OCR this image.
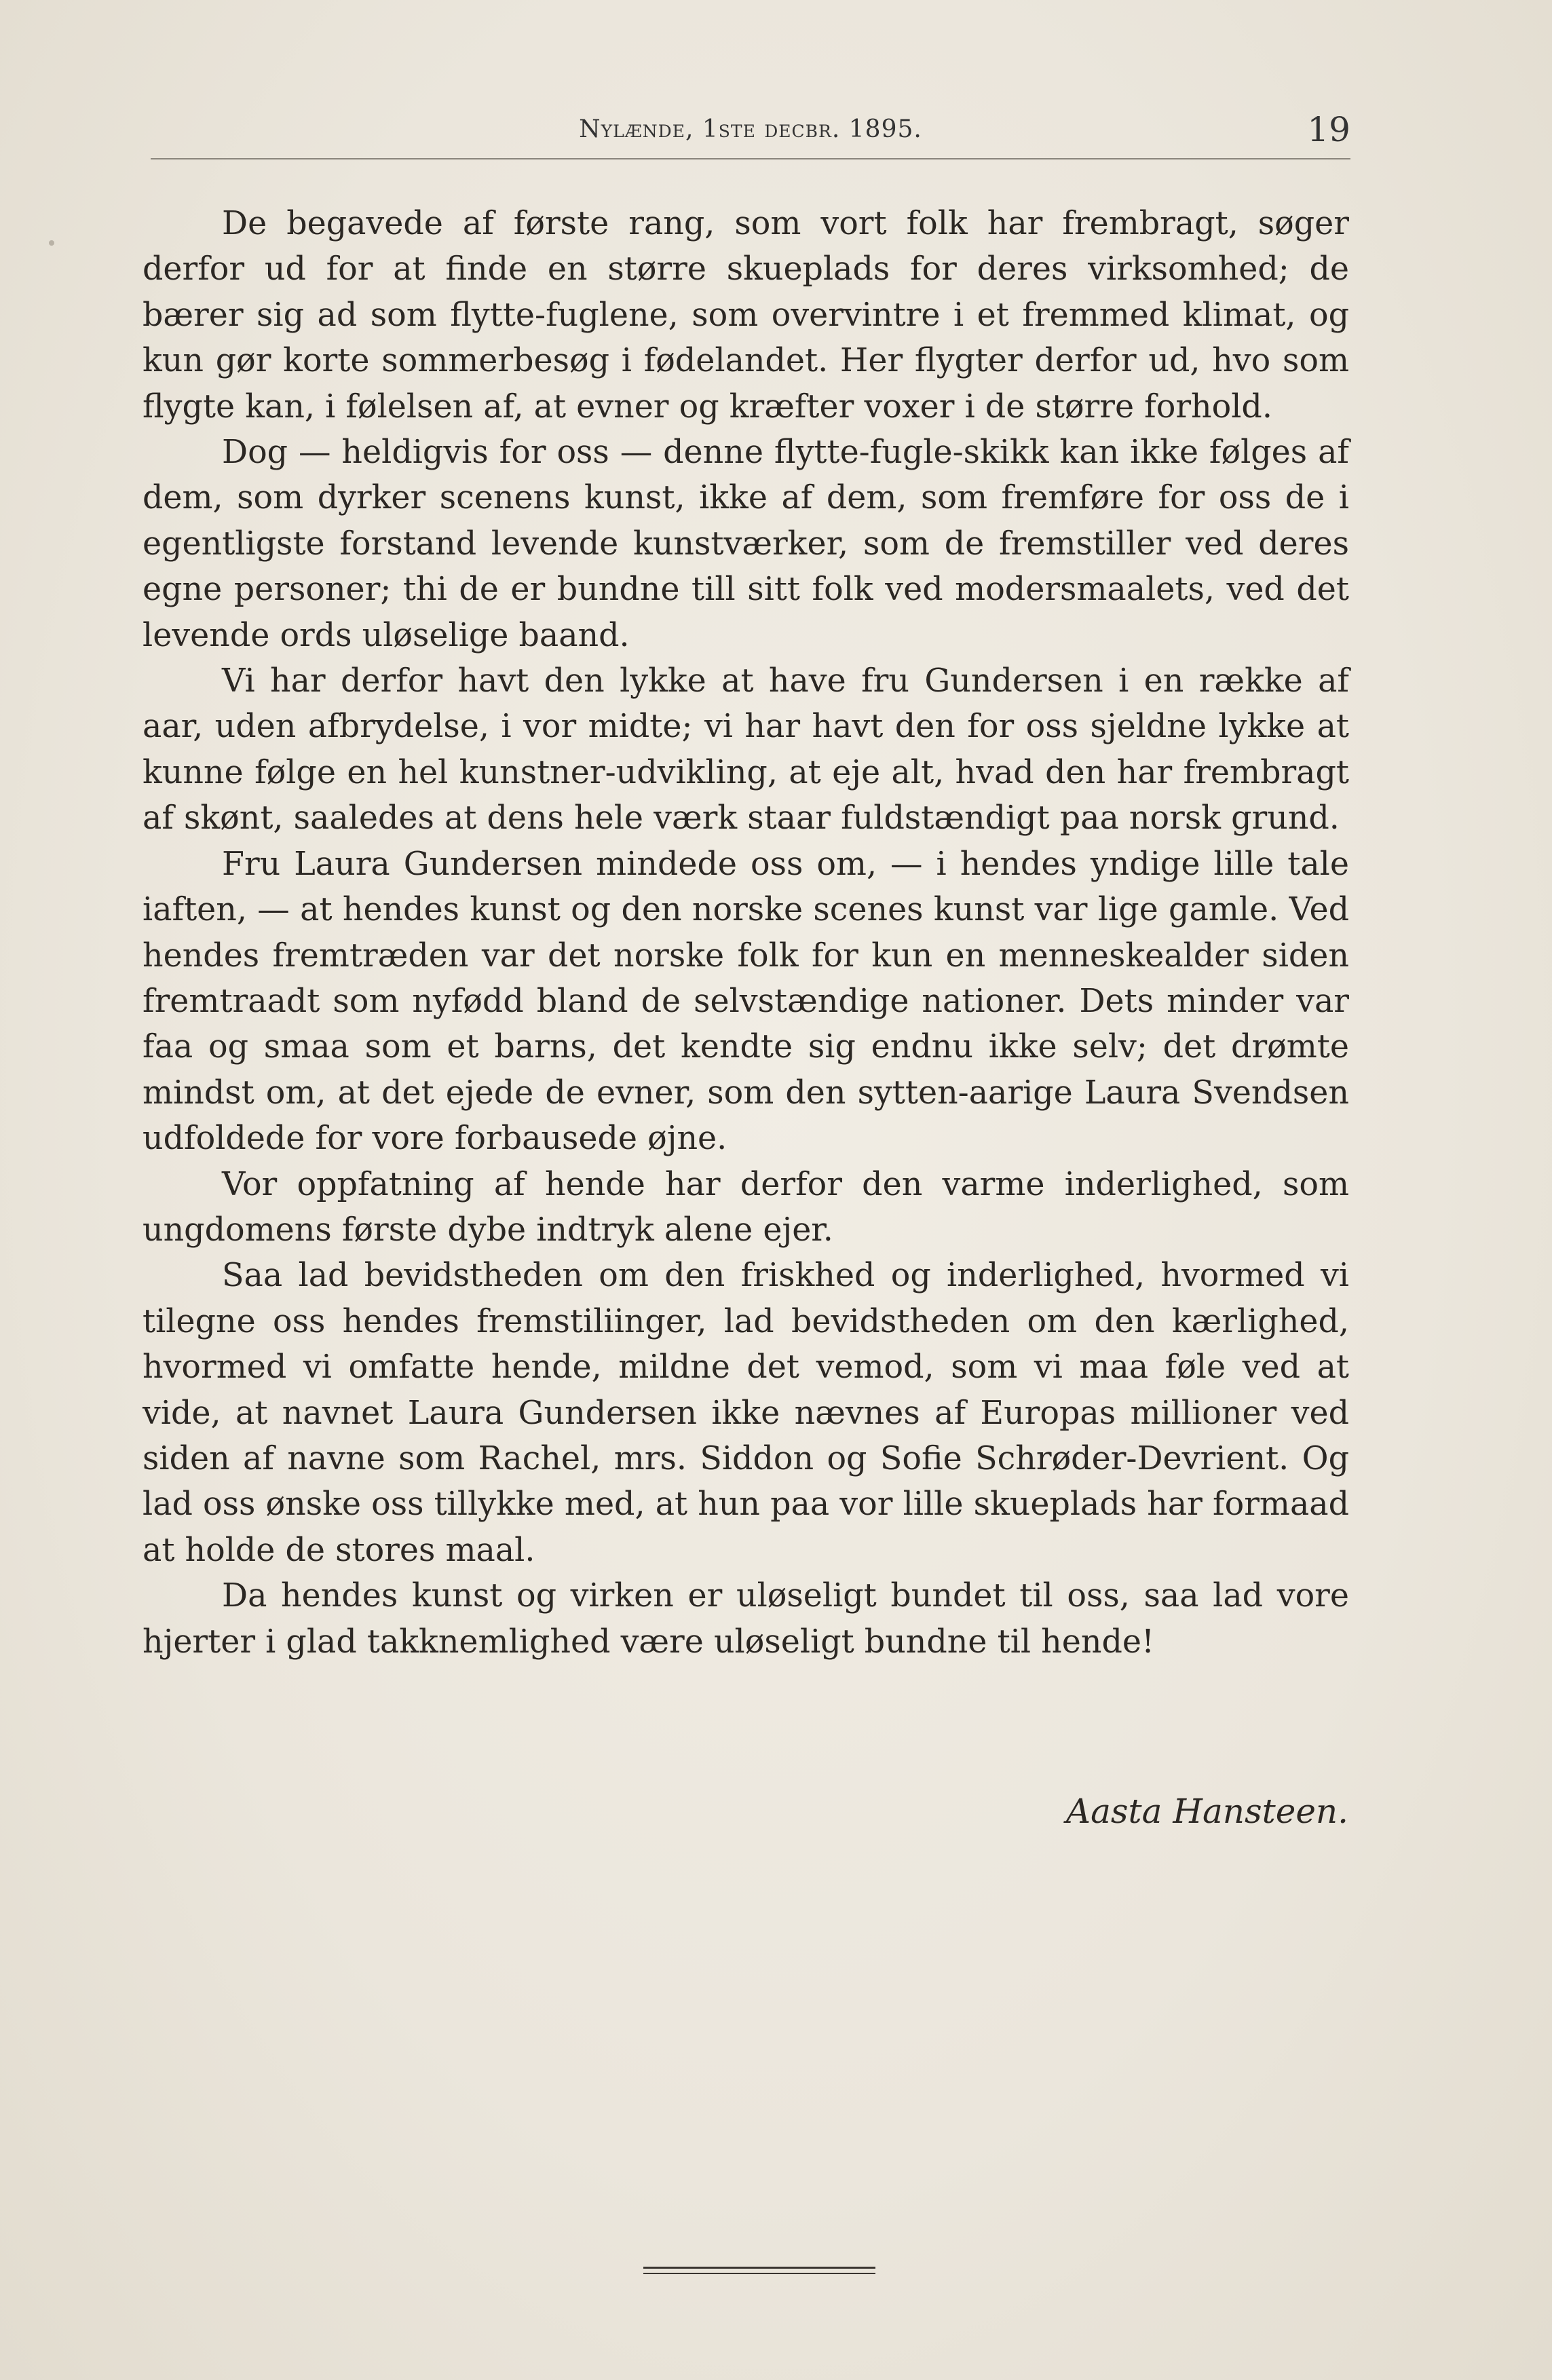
Nylænde, 1ste decbr. 1895.	19

De begavede af første rang, som vort folk har frembragt, søger derfor ud for at finde en større skueplads for deres virksomhed; de bærer sig ad som flytte-fuglene, som overvintre i et fremmed klimat, og kun gør korte sommerbesøg i fødelandet. Her flygter derfor ud, hvo som flygte kan, i følelsen af, at evner og kræfter voxer i de større forhold.

Dog — heldigvis for oss — denne flytte-fugle-skikk kan ikke følges af dem, som dyrker scenens kunst, ikke af dem, som fremføre for oss de i egentligste forstand levende kunstværker, som de fremstiller ved deres egne personer; thi de er bundne till sitt folk ved modersmaalets, ved det levende ords uløselige baand.

Vi har derfor havt den lykke at have fru Gundersen i en række af aar, uden afbrydelse, i vor midte; vi har havt den for oss sjeldne lykke at kunne følge en hel kunstner-udvikling, at eje alt, hvad den har frembragt af skønt, saaledes at dens hele værk staar fuldstændigt paa norsk grund.

Fru Laura Gundersen mindede oss om, — i hendes yndige lille tale iaften, — at hendes kunst og den norske scenes kunst var lige gamle. Ved hendes fremtræden var det norske folk for kun en menneskealder siden fremtraadt som nyfødd bland de selvstændige nationer. Dets minder var faa og smaa som et barns, det kendte sig endnu ikke selv; det drømte mindst om, at det ejede de evner, som den sytten-aarige Laura Svendsen udfoldede for vore forbausede øjne.

Vor oppfatning af hende har derfor den varme inderlighed, som ungdomens første dybe indtryk alene ejer.

Saa lad bevidstheden om den friskhed og inderlighed, hvormed vi tilegne oss hendes fremstiliinger, lad bevidstheden om den kærlighed, hvormed vi omfatte hende, mildne det vemod, som vi maa føle ved at vide, at navnet Laura Gundersen ikke nævnes af Europas millioner ved siden af navne som Rachel, mrs. Siddon og Sofie Schrøder-Devrient. Og lad oss ønske oss tillykke med, at hun paa vor lille skueplads har formaad at holde de stores maal.

Da hendes kunst og virken er uløseligt bundet til oss, saa lad vore hjerter i glad takknemlighed være uløseligt bundne til hende!

Aasta Hansteen.
